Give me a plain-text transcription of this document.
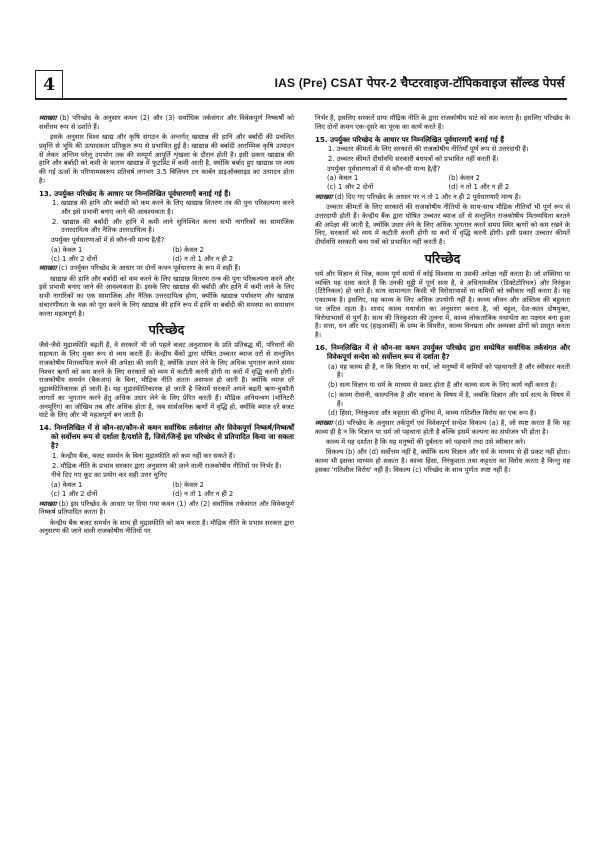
4	IAS (Pre) CSAT पेपर-2 चैप्टरवाइज-टॉपिकवाइज सॉल्व्ड पेपर्स

व्याख्या (b) परिच्छेद के अनुसार कथन (2) और (3) सर्वाधिक तर्कसंगत और विवेकपूर्ण निष्कर्षों को सर्वोत्तम रूप से दर्शाते हैं।

इसके अनुसार विश्व खाद्य और कृषि संगठन के अन्तर्गत् खाद्यान्न की हानि और बर्बादी की प्रचलित प्रवृत्ति से भूमि की उत्पादकता प्रतिकूल रूप से प्रभावित हुई है। खाद्यान्न की बर्बादी आरम्भिक कृषि उत्पादन से लेकर अन्तिम घरेलू उपभोग तक की सम्पूर्ण आपूर्ति शृंखला के दौरान होती है। इसी प्रकार खाद्यान्न की हानि और बर्बादी को कमी के कारण खाद्यान्न में फुटप्रिंट में कमी आती है, क्योंकि बर्बाद हुए खाद्यान्न पर व्यय की गई ऊर्जा के परिणामस्वरूप प्रतिवर्ष लगभग 3.5 बिलियन टन कार्बन डाइऑक्साइड का उत्पादन होता है।

13. उपर्युक्त परिच्छेद के आधार पर निम्नलिखित पूर्वधारणाएँ बनाई गई हैं।

1. खाद्यान्न की हानि और बर्बादी को कम करने के लिए खाद्यान्न वितरण तंत्र की पुनः परिकल्पना करने और इसे प्रभावी बनाए जाने की आवश्यकता है।

2. खाद्यान्न की बर्बादी और हानि में कमी लाने सुनिश्चित करना सभी नागरिकों का सामाजिक उत्तरदायित्व और नैतिक उत्तरदायित्व है।

उपर्युक्त पूर्वधारणाओं में से कौन-सी मान्य है/हैं?

(a) केवल 1	(b) केवल 2
(c) 1 और 2 दोनों	(d) न तो 1 और न ही 2

व्याख्या (c) उपर्युक्त परिच्छेद के आधार पर दोनों कथन पूर्वधारणा के रूप में सही हैं।

खाद्यान्न की हानि और बर्बादी को कम करने के लिए खाद्यान्न वितरण तन्त्र की पुनः परिकल्पना करने और इसे प्रभावी बनाए जाने की आवश्यकता है। इसके लिए खाद्यान्न की बर्बादी और हानि में कमी लाने के लिए सभी नागरिकों का एक सामाजिक और नैतिक उत्तरदायित्व होगा, क्योंकि खाद्यान्न पर्यावरण और खाद्यान्न संचारणीयता के चक्र को पूरा करने के लिए खाद्यान्न की हानि रूप में हानि या बर्बादी की समस्या का समाधान करना महत्वपूर्ण है।

परिच्छेद

जैसे-जैसे मुद्रास्फीति बढ़ती है, वे सरकारें भी जो पहले बजट अनुशासन के प्रति प्रतिबद्ध थीं, परिवारों की सहायता के लिए मुक्त रूप से व्यय करती हैं। केन्द्रीय बैंकों द्वारा घोषित उच्चतर ब्याज दरों से सन्तुलित राजकोषीय मितव्ययिता करने की अपेक्षा की जाती है, क्योंकि उधार लेने के लिए अधिक भुगतान करने समय निश्चर ऋणों को कम करने के लिए सरकारों को व्यय में कटौती करनी होगी या करों में वृद्धि करनी होगी। राजकोषीय समर्थन (बैकअप) के बिना, मौद्रिक नीति अंततः असफल हो जाती है। क्योंकि व्याज दरें मुद्रास्फीतिकारक हो जाती है। यह मुद्रास्फीतिकारक हो जाती है जिसमें सरकारें अपने बढ़ती ऋण-चुकौती लागतों का भुगतान करने हेतु अधिक उधार लेने के लिए प्रेरित करती हैं। मौद्रिक अनियन्त्रण (मॉनिटरी अनमूरिंग) का जोखिम तब और अधिक होता है, जब सार्वजनिक ऋणों में वृद्धि हो, क्योंकि ब्याज दरें बजट घाटे के लिए और भी महत्वपूर्ण बन जाती हैं।

14. निम्नलिखित में से कौन-सा/कौन-से कथन सर्वाधिक तर्कसंगत और विवेकपूर्ण निष्कर्ष/निष्कर्षों को सर्वोत्तम रूप से दर्शाता है/दर्शाते हैं, जिसे/जिन्हें इस परिच्छेद से प्रतिपादित किया जा सकता है?

1. केन्द्रीय बैंक, बजट समर्थन के बिना मुद्रास्फीति को कम नहीं कर सकते हैं।

2. मौद्रिक नीति के प्रभाव सरकार द्वारा अनुसरण की जाने वाली राजकोषीय नीतियों पर निर्भर हैं।

नीचे दिए गए कूट का प्रयोग कर सही उत्तर चुनिए

(a) केवल 1	(b) केवल 2
(c) 1 और 2 दोनों	(d) न तो 1 और न ही 2

व्याख्या (b) इस परिच्छेद के आधार पर दिया गया कथन (1) और (2) सर्वाधिक तर्कसंगत और विवेकपूर्ण निष्कर्ष प्रतिपादित करता है।

केन्द्रीय बैंक बजट समर्थन के साथ ही मुद्रास्फीति को कम करता है। मौद्रिक नीति के प्रभाव सरकार द्वारा अनुसरण की जाने वाली राजकोषीय नीतियों पर

निर्भर है, इसलिए सरकारें प्रायः मौद्रिक नीति के द्वारा राजकोषीय घाटे को कम करता है। इसलिए परिच्छेद के लिए दोनों कथन एक-दूसरे का पूरक का कार्य करते हैं।

15. उपर्युक्त परिच्छेद के आधार पर निम्नलिखित पूर्वधारणाएँ बनाई गई हैं

1. उच्चतर कीमतों के लिए सरकारों की राजकोषीय नीतियाँ पूर्ण रूप से उत्तरदायी हैं।

2. उच्चतर कीमतें दीर्घावधि सरकारी बंधपत्रों को प्रभावित नहीं करती हैं।

उपर्युक्त पूर्वधारणाओं में से कौन-सी मान्य है/हैं?

(a) केवल 1	(b) केवल 2
(c) 1 और 2 दोनों	(d) न तो 1 और न ही 2

व्याख्या (d) दिए गए परिच्छेद के आधार पर न तो 1 और न ही 2 पूर्वधारणाएँ मान्य हैं।

उच्चतर कीमतों के लिए सरकारों की राजकोषीय नीतियों के साथ-साथ मौद्रिक नीतियाँ भी पूर्ण रूप से उत्तरदायी होती हैं। केन्द्रीय बैंक द्वारा घोषित उच्चतर ब्याज दरें से सन्तुलित राजकोषीय मितव्ययिता बरतने की अपेक्षा की जाती है, क्योंकि उधार लेने के लिए अधिक भुगतान करते समय स्थिर ऋणों को कम रखने के लिए, सरकारों को व्यय में कटौती करनी होगी या करों में वृद्धि करनी होगी। इसी प्रकार उच्चतर कीमतें दीर्घावधि सरकारी बन्ध पत्रों को प्रभावित नहीं करती है।

परिच्छेद

धर्म और विज्ञान से भिन्न, काव्य पूर्ण सत्यों में कोई विश्वास या उसकी अपेक्षा नहीं करता है। जो शक्तियां या व्यक्ति यह दावा करते हैं कि उनकी मुट्ठी में पूर्ण सत्य है, वे अधिनायकीय (डिक्टेटोरियल) और निरंकुश (टिरैनिकल) हो जाते हैं। सत्य सामान्यतः किसी भी विरोधाभासों या कमियों को स्वीकार नहीं करता है। यह एकात्मक है। इसलिए, यह काव्य के लिए अधिक उपयोगी नहीं है। काव्य जीवन और अस्तित्व की बहुलता पर जटिल रहता है। शायद काव्य यथार्थता का अनुसरण करता है, जो बहुल, देश-काल दोषयुक्त, विरोधाभासों से पूर्ण है। सत्य की निरंकुशता की तुलना में, काव्य लोकतांत्रिक यथार्थता का पक्षधर बना हुआ है। सत्ता, धन और पद (हाइआर्की) के दम्भ के विपरीत, काव्य विनम्रता और अव्यक्त ढोंगों को प्रस्तुत करता है।

16. निम्नलिखित में से कौन-सा कथन उपर्युक्त परिच्छेद द्वारा सम्प्रेषित सर्वाधिक तर्कसंगत और विवेकपूर्ण सन्देश को सर्वोत्तम रूप से दर्शाता है?

(a) यह काव्य ही है, न कि विज्ञान या धर्म, जो मनुष्यों में कमियों को पहचानती है और स्वीकार करती है।

(b) सत्य विज्ञान या धर्म के माध्यम से प्रकट होता है और काव्य सत्य के लिए कार्य नहीं करता है।

(c) काव्य रोमानी, काल्पनिक है और भावना के विषय में है, जबकि विज्ञान और धर्म सत्य के विषय में हैं।

(d) हिंसा, निरंकुशता और कट्टरता की दुनिया में, काव्य गतिशील विरोध का एक रूप है।

व्याख्या (d) परिच्छेद के अनुसार तर्कपूर्ण एवं विवेकपूर्ण सन्देश विकल्प (a) है, जो स्पष्ट करता है कि यह काव्य ही है न कि विज्ञान या धर्म जो पहचाना होती है बल्कि इसमें कल्पना का संयोजन भी होता है।

काव्य में यह दर्शाता है कि यह मनुष्यों की दुर्बलता को पहचाने तथा उसे स्वीकार करे।

विकल्प (b) और (d) सर्वोत्तम नहीं है, क्योंकि सत्य विज्ञान और धर्म के माध्यम से ही प्रकट नहीं होता। काव्य भी इसका माध्यम हो सकता है। काव्य हिंसा, निरंकुशता तथा कट्टरता का विरोध करता है किन्तु यह इसका 'गतिशील विरोध' नहीं है। विकल्प (c) परिच्छेद के साथ पूर्णतः स्पष्ट नहीं है।
